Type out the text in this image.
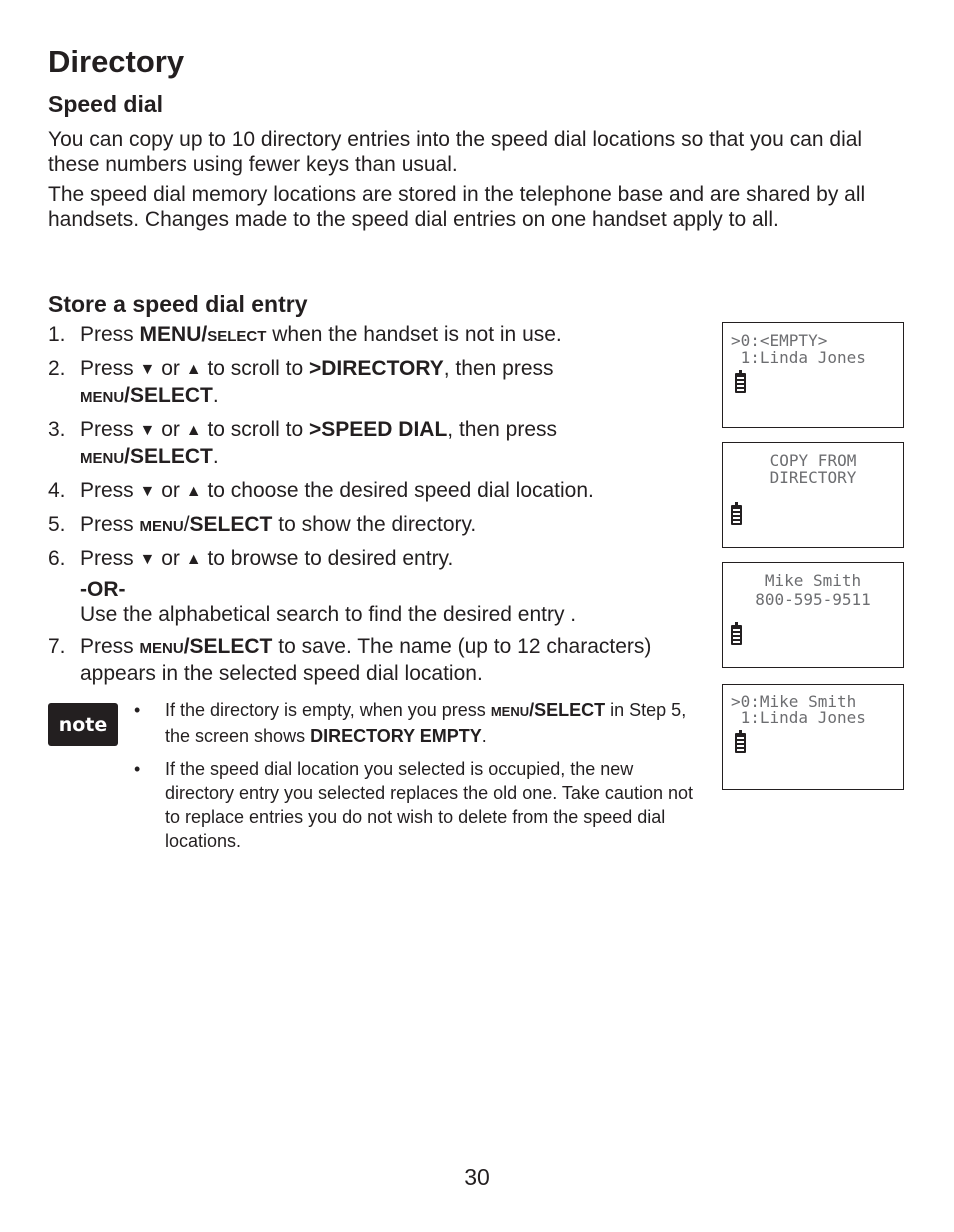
Directory
Speed dial

You can copy up to 10 directory entries into the speed dial locations so that you can dial these numbers using fewer keys than usual.

The speed dial memory locations are stored in the telephone base and are shared by all handsets. Changes made to the speed dial entries on one handset apply to all.

Store a speed dial entry
1. Press MENU/SELECT when the handset is not in use.
2. Press ▼ or ▲ to scroll to >DIRECTORY, then press
MENU/SELECT.
3. Press ▼ or ▲ to scroll to >SPEED DIAL, then press
MENU/SELECT.
4. Press ▼ or ▲ to choose the desired speed dial location.
5. Press MENU/SELECT to show the directory.
6. Press ▼ or ▲ to browse to desired entry.
-OR-
Use the alphabetical search to find the desired entry .
7. Press MENU/SELECT to save. The name (up to 12 characters) appears in the selected speed dial location.
note
• If the directory is empty, when you press MENU/SELECT in Step 5, the screen shows DIRECTORY EMPTY.
• If the speed dial location you selected is occupied, the new directory entry you selected replaces the old one. Take caution not to replace entries you do not wish to delete from the speed dial locations.
>0:<EMPTY>
1:Linda Jones
COPY FROM
DIRECTORY
Mike Smith
800-595-9511
>0:Mike Smith
1:Linda Jones
30
